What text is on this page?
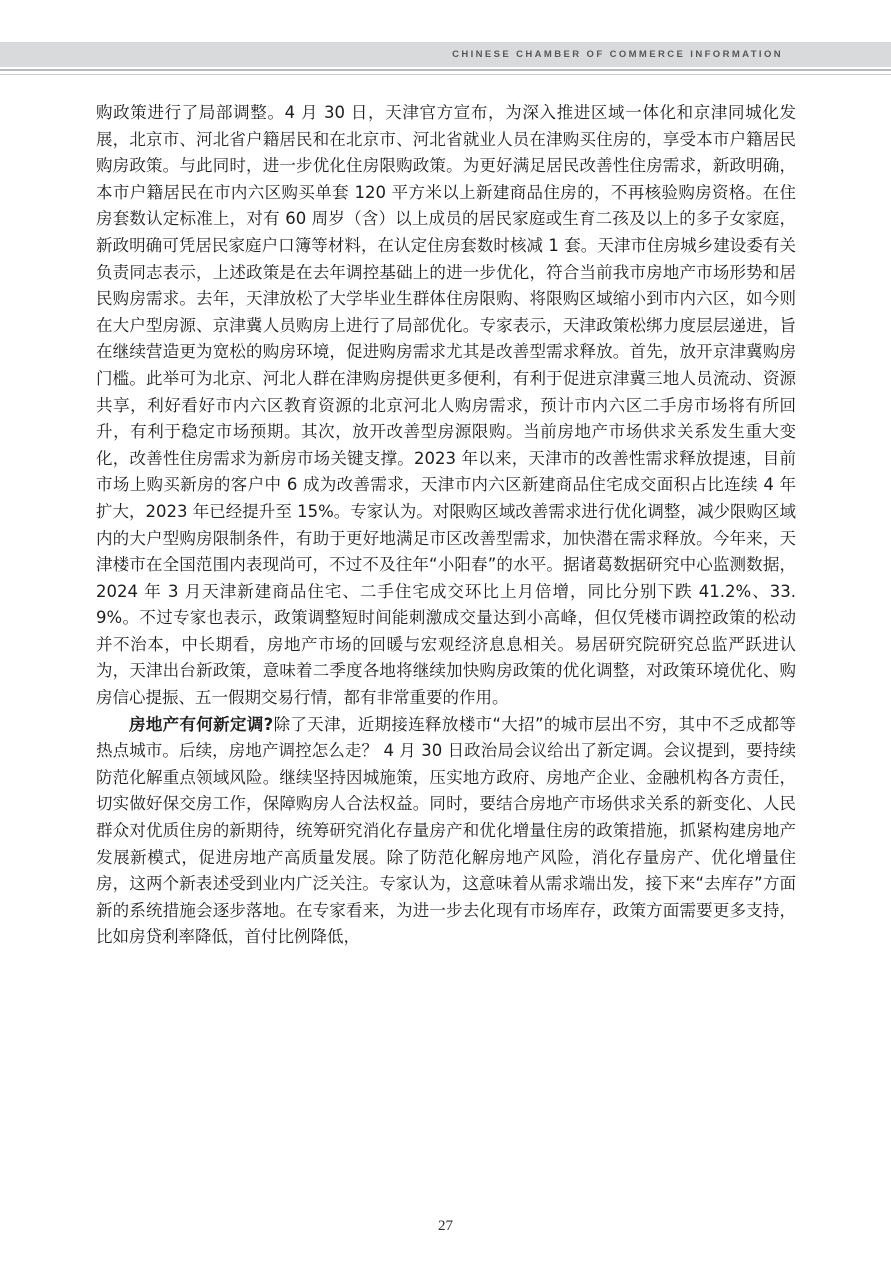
CHINESE CHAMBER OF COMMERCE INFORMATION

购政策进行了局部调整。4 月 30 日，天津官方宣布，为深入推进区域一体化和京津同城化发展，北京市、河北省户籍居民和在北京市、河北省就业人员在津购买住房的，享受本市户籍居民购房政策。与此同时，进一步优化住房限购政策。为更好满足居民改善性住房需求，新政明确，本市户籍居民在市内六区购买单套 120 平方米以上新建商品住房的，不再核验购房资格。在住房套数认定标准上，对有 60 周岁（含）以上成员的居民家庭或生育二孩及以上的多子女家庭，新政明确可凭居民家庭户口簿等材料，在认定住房套数时核减 1 套。天津市住房城乡建设委有关负责同志表示，上述政策是在去年调控基础上的进一步优化，符合当前我市房地产市场形势和居民购房需求。去年，天津放松了大学毕业生群体住房限购、将限购区域缩小到市内六区，如今则在大户型房源、京津冀人员购房上进行了局部优化。专家表示，天津政策松绑力度层层递进，旨在继续营造更为宽松的购房环境，促进购房需求尤其是改善型需求释放。首先，放开京津冀购房门槛。此举可为北京、河北人群在津购房提供更多便利，有利于促进京津冀三地人员流动、资源共享，利好看好市内六区教育资源的北京河北人购房需求，预计市内六区二手房市场将有所回升，有利于稳定市场预期。其次，放开改善型房源限购。当前房地产市场供求关系发生重大变化，改善性住房需求为新房市场关键支撑。2023 年以来，天津市的改善性需求释放提速，目前市场上购买新房的客户中 6 成为改善需求，天津市内六区新建商品住宅成交面积占比连续 4 年扩大，2023 年已经提升至 15%。专家认为。对限购区域改善需求进行优化调整，减少限购区域内的大户型购房限制条件，有助于更好地满足市区改善型需求，加快潜在需求释放。今年来，天津楼市在全国范围内表现尚可，不过不及往年“小阳春”的水平。据诸葛数据研究中心监测数据，2024 年 3 月天津新建商品住宅、二手住宅成交环比上月倍增，同比分别下跌 41.2%、33.9%。不过专家也表示，政策调整短时间能刺激成交量达到小高峰，但仅凭楼市调控政策的松动并不治本，中长期看，房地产市场的回暖与宏观经济息息相关。易居研究院研究总监严跃进认为，天津出台新政策，意味着二季度各地将继续加快购房政策的优化调整，对政策环境优化、购房信心提振、五一假期交易行情，都有非常重要的作用。

房地产有何新定调?除了天津，近期接连释放楼市“大招”的城市层出不穷，其中不乏成都等热点城市。后续，房地产调控怎么走？ 4 月 30 日政治局会议给出了新定调。会议提到，要持续防范化解重点领域风险。继续坚持因城施策，压实地方政府、房地产企业、金融机构各方责任，切实做好保交房工作，保障购房人合法权益。同时，要结合房地产市场供求关系的新变化、人民群众对优质住房的新期待，统筹研究消化存量房产和优化增量住房的政策措施，抓紧构建房地产发展新模式，促进房地产高质量发展。除了防范化解房地产风险，消化存量房产、优化增量住房，这两个新表述受到业内广泛关注。专家认为，这意味着从需求端出发，接下来“去库存”方面新的系统措施会逐步落地。在专家看来，为进一步去化现有市场库存，政策方面需要更多支持，比如房贷利率降低，首付比例降低，

27
